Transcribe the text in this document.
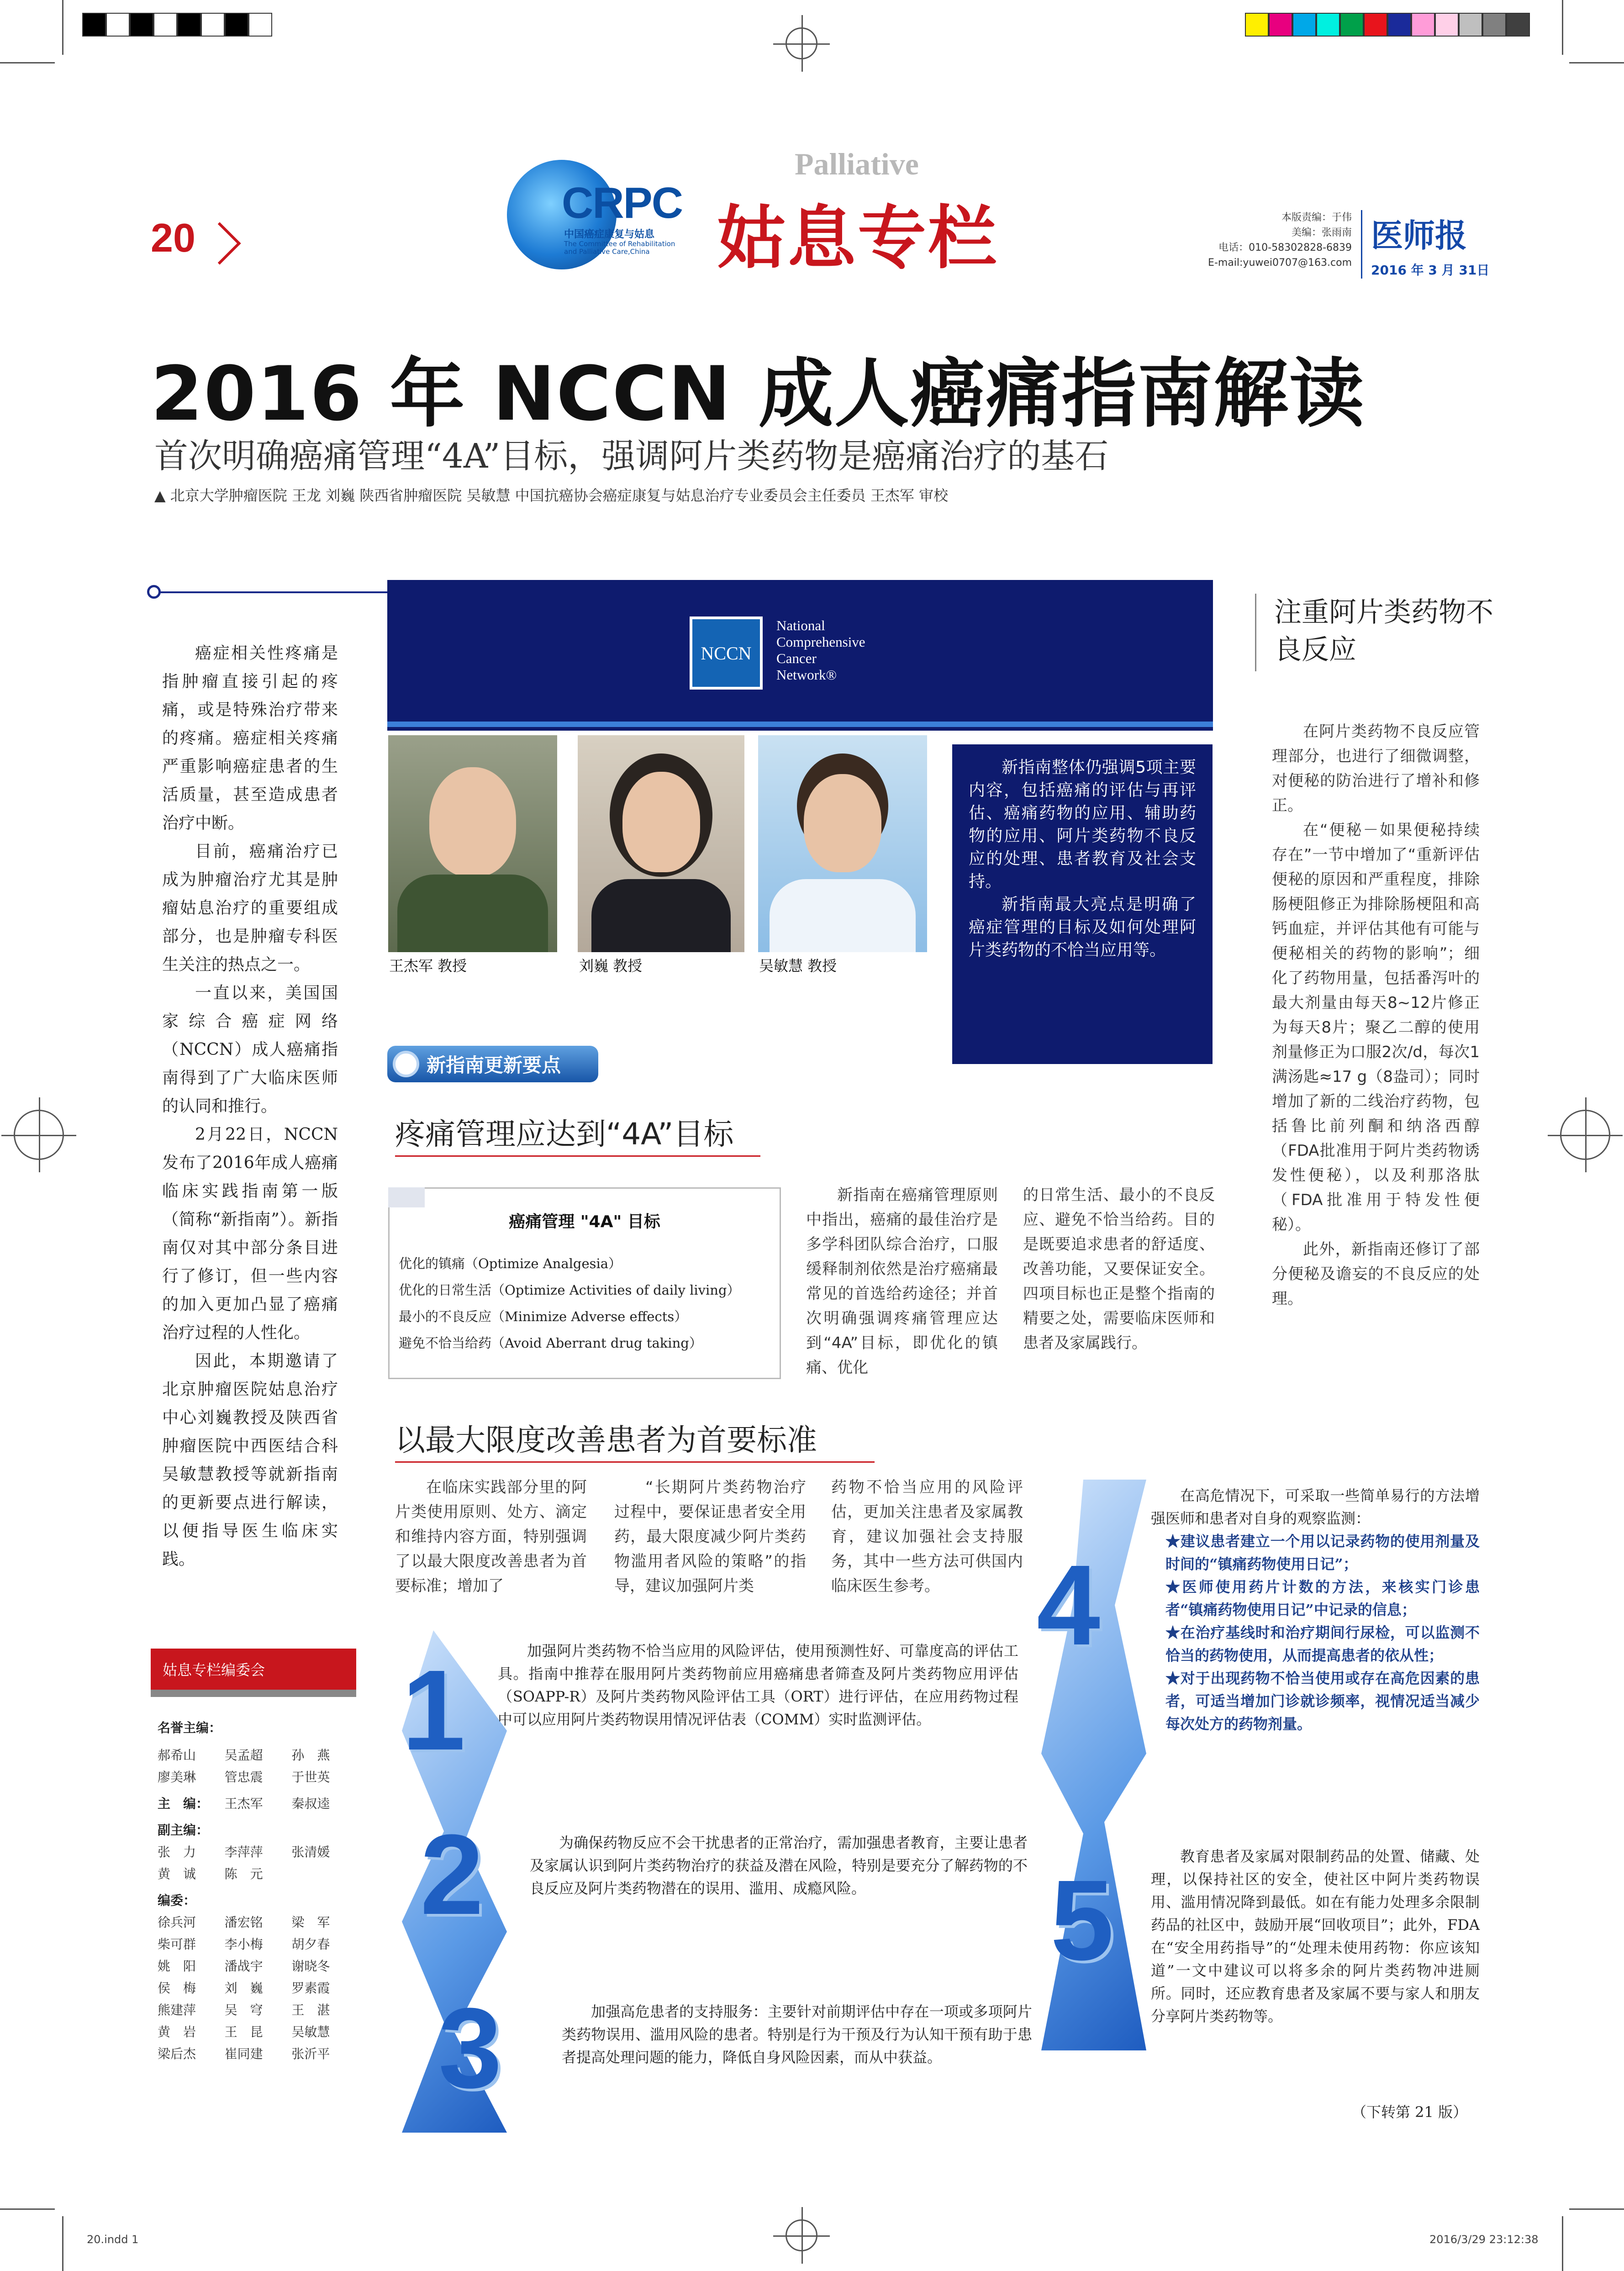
20
CRPC
中国癌症康复与姑息
The Committee of Rehabilitation
and Palliative Care,China
Palliative
姑息专栏	本版责编：于伟
美编：张雨南
电话：010-58302828-6839
E-mail:yuwei0707@163.com
医师报
2016 年 3 月 31日
2016 年 NCCN 成人癌痛指南解读
首次明确癌痛管理“4A”目标，强调阿片类药物是癌痛治疗的基石
▲ 北京大学肿瘤医院 王龙 刘巍 陕西省肿瘤医院 吴敏慧 中国抗癌协会癌症康复与姑息治疗专业委员会主任委员 王杰军 审校

癌症相关性疼痛是指肿瘤直接引起的疼痛，或是特殊治疗带来的疼痛。癌症相关疼痛严重影响癌症患者的生活质量，甚至造成患者治疗中断。

目前，癌痛治疗已成为肿瘤治疗尤其是肿瘤姑息治疗的重要组成部分，也是肿瘤专科医生关注的热点之一。

一直以来，美国国家综合癌症网络（NCCN）成人癌痛指南得到了广大临床医师的认同和推行。

2月22日，NCCN发布了2016年成人癌痛临床实践指南第一版（简称“新指南”）。新指南仅对其中部分条目进行了修订，但一些内容的加入更加凸显了癌痛治疗过程的人性化。

因此，本期邀请了北京肿瘤医院姑息治疗中心刘巍教授及陕西省肿瘤医院中西医结合科吴敏慧教授等就新指南的更新要点进行解读，以便指导医生临床实践。

NCCN
National
Comprehensive
Cancer
Network®
王杰军 教授	刘巍 教授	吴敏慧 教授

新指南整体仍强调5项主要内容，包括癌痛的评估与再评估、癌痛药物的应用、辅助药物的应用、阿片类药物不良反应的处理、患者教育及社会支持。

新指南最大亮点是明确了癌症管理的目标及如何处理阿片类药物的不恰当应用等。

新指南更新要点
疼痛管理应达到“4A”目标
癌痛管理 "4A" 目标
优化的镇痛（Optimize Analgesia）
优化的日常生活（Optimize Activities of daily living）
最小的不良反应（Minimize Adverse effects）
避免不恰当给药（Avoid Aberrant drug taking）

新指南在癌痛管理原则中指出，癌痛的最佳治疗是多学科团队综合治疗，口服缓释制剂依然是治疗癌痛最常见的首选给药途径；并首次明确强调疼痛管理应达到“4A”目标，即优化的镇痛、优化

的日常生活、最小的不良反应、避免不恰当给药。目的是既要追求患者的舒适度、改善功能，又要保证安全。四项目标也正是整个指南的精要之处，需要临床医师和患者及家属践行。

注重阿片类药物不良反应

在阿片类药物不良反应管理部分，也进行了细微调整，对便秘的防治进行了增补和修正。

在“便秘－如果便秘持续存在”一节中增加了“重新评估便秘的原因和严重程度，排除肠梗阻修正为排除肠梗阻和高钙血症，并评估其他有可能与便秘相关的药物的影响”；细化了药物用量，包括番泻叶的最大剂量由每天8~12片修正为每天8片；聚乙二醇的使用剂量修正为口服2次/d，每次1满汤匙≈17 g（8盎司）；同时增加了新的二线治疗药物，包括鲁比前列酮和纳洛西醇（FDA批准用于阿片类药物诱发性便秘），以及利那洛肽（FDA批准用于特发性便秘）。

此外，新指南还修订了部分便秘及谵妄的不良反应的处理。

以最大限度改善患者为首要标准

在临床实践部分里的阿片类使用原则、处方、滴定和维持内容方面，特别强调了以最大限度改善患者为首要标准；增加了

“长期阿片类药物治疗过程中，要保证患者安全用药，最大限度减少阿片类药物滥用者风险的策略”的指导，建议加强阿片类

药物不恰当应用的风险评估，更加关注患者及家属教育，建议加强社会支持服务，其中一些方法可供国内临床医生参考。

1	加强阿片类药物不恰当应用的风险评估，使用预测性好、可靠度高的评估工具。指南中推荐在服用阿片类药物前应用癌痛患者筛查及阿片类药物应用评估（SOAPP-R）及阿片类药物风险评估工具（ORT）进行评估，在应用药物过程中可以应用阿片类药物误用情况评估表（COMM）实时监测评估。

2	为确保药物反应不会干扰患者的正常治疗，需加强患者教育，主要让患者及家属认识到阿片类药物治疗的获益及潜在风险，特别是要充分了解药物的不良反应及阿片类药物潜在的误用、滥用、成瘾风险。

3	加强高危患者的支持服务：主要针对前期评估中存在一项或多项阿片类药物误用、滥用风险的患者。特别是行为干预及行为认知干预有助于患者提高处理问题的能力，降低自身风险因素，而从中获益。

4

在高危情况下，可采取一些简单易行的方法增强医师和患者对自身的观察监测：

★建议患者建立一个用以记录药物的使用剂量及时间的“镇痛药物使用日记”；

★医师使用药片计数的方法，来核实门诊患者“镇痛药物使用日记”中记录的信息；

★在治疗基线时和治疗期间行尿检，可以监测不恰当的药物使用，从而提高患者的依从性；

★对于出现药物不恰当使用或存在高危因素的患者，可适当增加门诊就诊频率，视情况适当减少每次处方的药物剂量。

5	教育患者及家属对限制药品的处置、储藏、处理，以保持社区的安全，使社区中阿片类药物误用、滥用情况降到最低。如在有能力处理多余限制药品的社区中，鼓励开展“回收项目”；此外，FDA在“安全用药指导”的“处理未使用药物：你应该知道”一文中建议可以将多余的阿片类药物冲进厕所。同时，还应教育患者及家属不要与家人和朋友分享阿片类药物等。

（下转第 21 版）
姑息专栏编委会
名誉主编：
郝希山	吴孟超	孙　燕
廖美琳	管忠震	于世英
主　编：	王杰军	秦叔逵
副主编：
张　力	李萍萍	张清媛
黄　诚	陈　元
编委：
徐兵河	潘宏铭	梁　军
柴可群	李小梅	胡夕春
姚　阳	潘战宇	谢晓冬
侯　梅	刘　巍	罗素霞
熊建萍	吴　穹	王　湛
黄　岩	王　昆	吴敏慧
梁后杰	崔同建	张沂平
20.indd 1	2016/3/29 23:12:38
